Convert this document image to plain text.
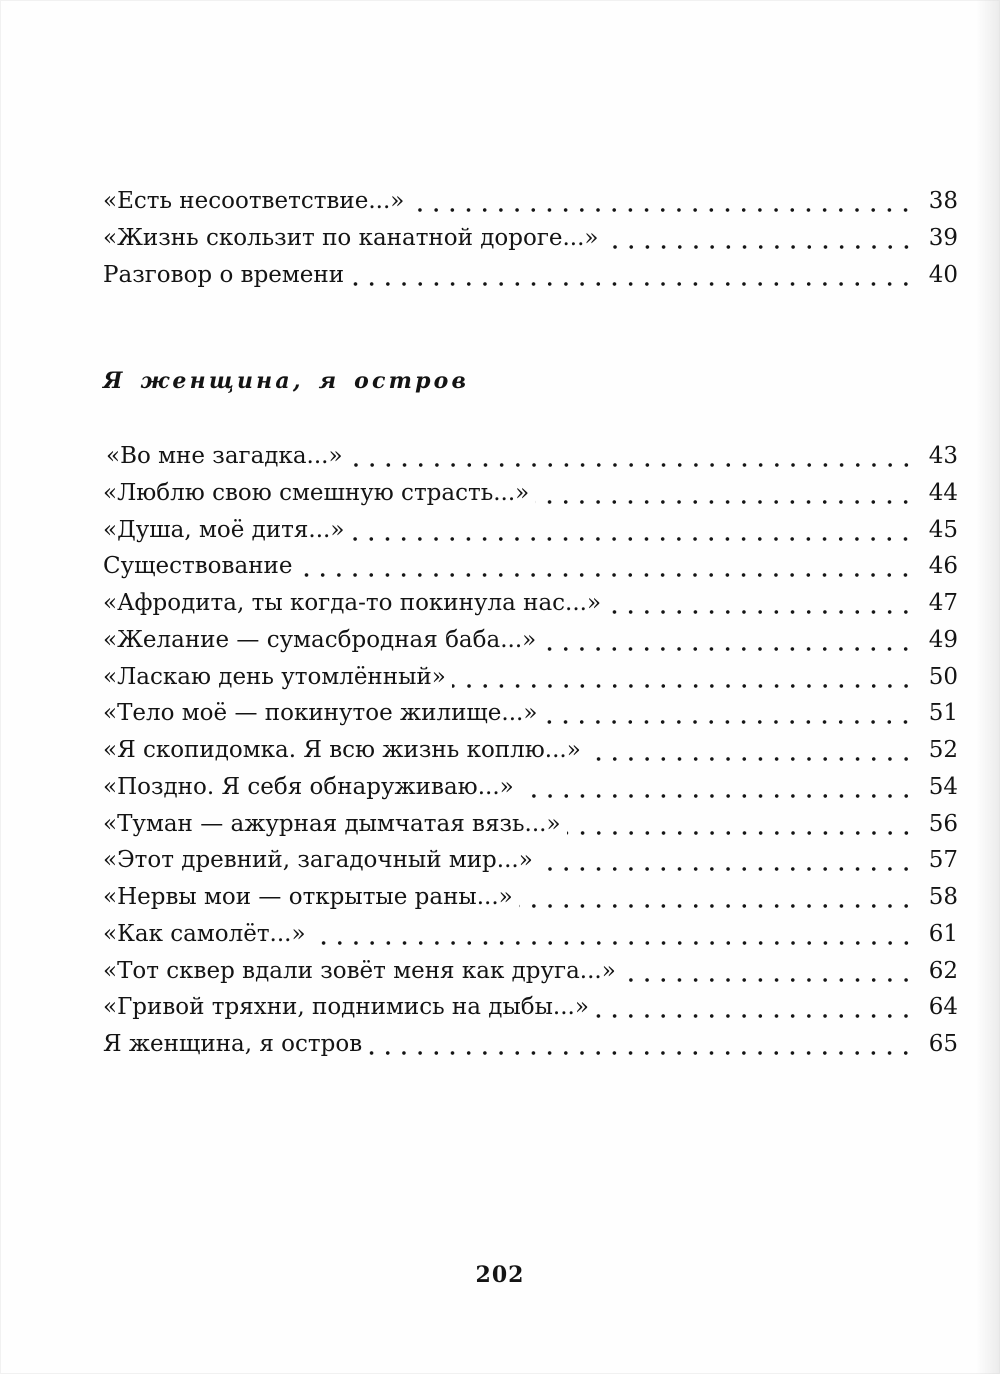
«Есть несоответствие...»	38
«Жизнь скользит по канатной дороге...»	39
Разговор о времени	40
Я женщина, я остров
«Во мне загадка...»	43
«Люблю свою смешную страсть...»	44
«Душа, моё дитя...»	45
Существование	46
«Афродита, ты когда-то покинула нас...»	47
«Желание — сумасбродная баба...»	49
«Ласкаю день утомлённый»	50
«Тело моё — покинутое жилище...»	51
«Я скопидомка. Я всю жизнь коплю...»	52
«Поздно. Я себя обнаруживаю...»	54
«Туман — ажурная дымчатая вязь...»	56
«Этот древний, загадочный мир...»	57
«Нервы мои — открытые раны...»	58
«Как самолёт...»	61
«Тот сквер вдали зовёт меня как друга...»	62
«Гривой тряхни, поднимись на дыбы...»	64
Я женщина, я остров	65
202
